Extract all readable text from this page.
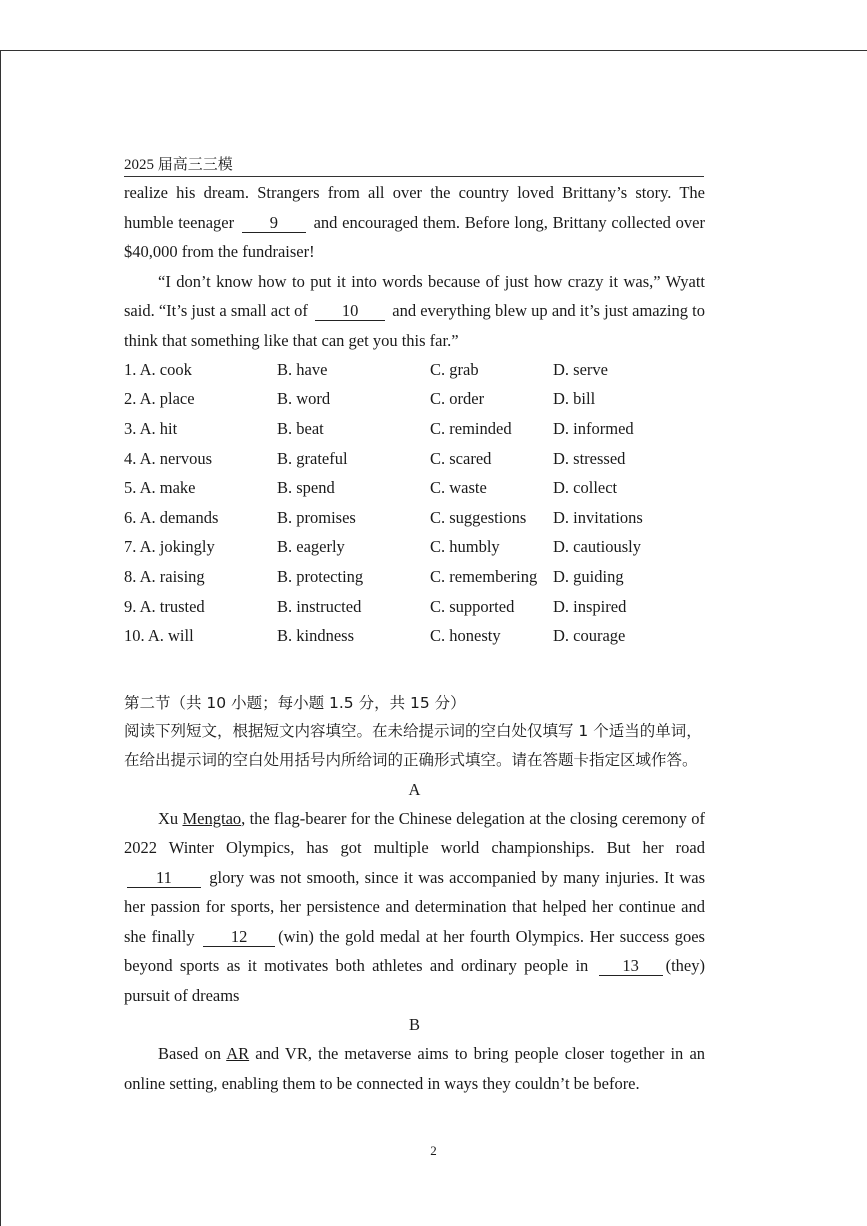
2025 届高三三模

realize his dream. Strangers from all over the country loved Brittany’s story. The humble teenager 9 and encouraged them. Before long, Brittany collected over $40,000 from the fundraiser!

“I don’t know how to put it into words because of just how crazy it was,” Wyatt said. “It’s just a small act of 10 and everything blew up and it’s just amazing to think that something like that can get you this far.”

1. A. cook	B. have	C. grab	D. serve
2. A. place	B. word	C. order	D. bill
3. A. hit	B. beat	C. reminded	D. informed
4. A. nervous	B. grateful	C. scared	D. stressed
5. A. make	B. spend	C. waste	D. collect
6. A. demands	B. promises	C. suggestions	D. invitations
7. A. jokingly	B. eagerly	C. humbly	D. cautiously
8. A. raising	B. protecting	C. remembering	D. guiding
9. A. trusted	B. instructed	C. supported	D. inspired
10. A. will	B. kindness	C. honesty	D. courage
第二节（共 10 小题；每小题 1.5 分，共 15 分）

阅读下列短文，根据短文内容填空。在未给提示词的空白处仅填写 1 个适当的单词，在给出提示词的空白处用括号内所给词的正确形式填空。请在答题卡指定区域作答。

A

Xu Mengtao, the flag-bearer for the Chinese delegation at the closing ceremony of 2022 Winter Olympics, has got multiple world championships. But her road 11 glory was not smooth, since it was accompanied by many injuries. It was her passion for sports, her persistence and determination that helped her continue and she finally 12 (win) the gold medal at her fourth Olympics. Her success goes beyond sports as it motivates both athletes and ordinary people in 13 (they) pursuit of dreams

B

Based on AR and VR, the metaverse aims to bring people closer together in an online setting, enabling them to be connected in ways they couldn’t be before.

2
